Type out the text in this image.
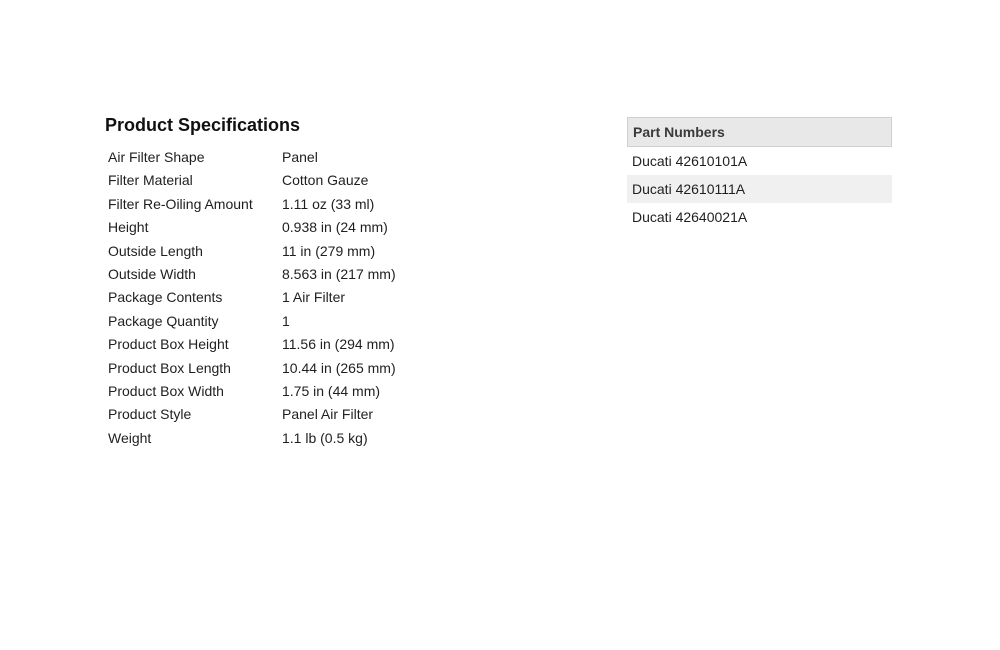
Product Specifications
Air Filter Shape	Panel
Filter Material	Cotton Gauze
Filter Re-Oiling Amount	1.11 oz (33 ml)
Height	0.938 in (24 mm)
Outside Length	11 in (279 mm)
Outside Width	8.563 in (217 mm)
Package Contents	1 Air Filter
Package Quantity	1
Product Box Height	11.56 in (294 mm)
Product Box Length	10.44 in (265 mm)
Product Box Width	1.75 in (44 mm)
Product Style	Panel Air Filter
Weight	1.1 lb (0.5 kg)
Part Numbers
Ducati 42610101A
Ducati 42610111A
Ducati 42640021A
